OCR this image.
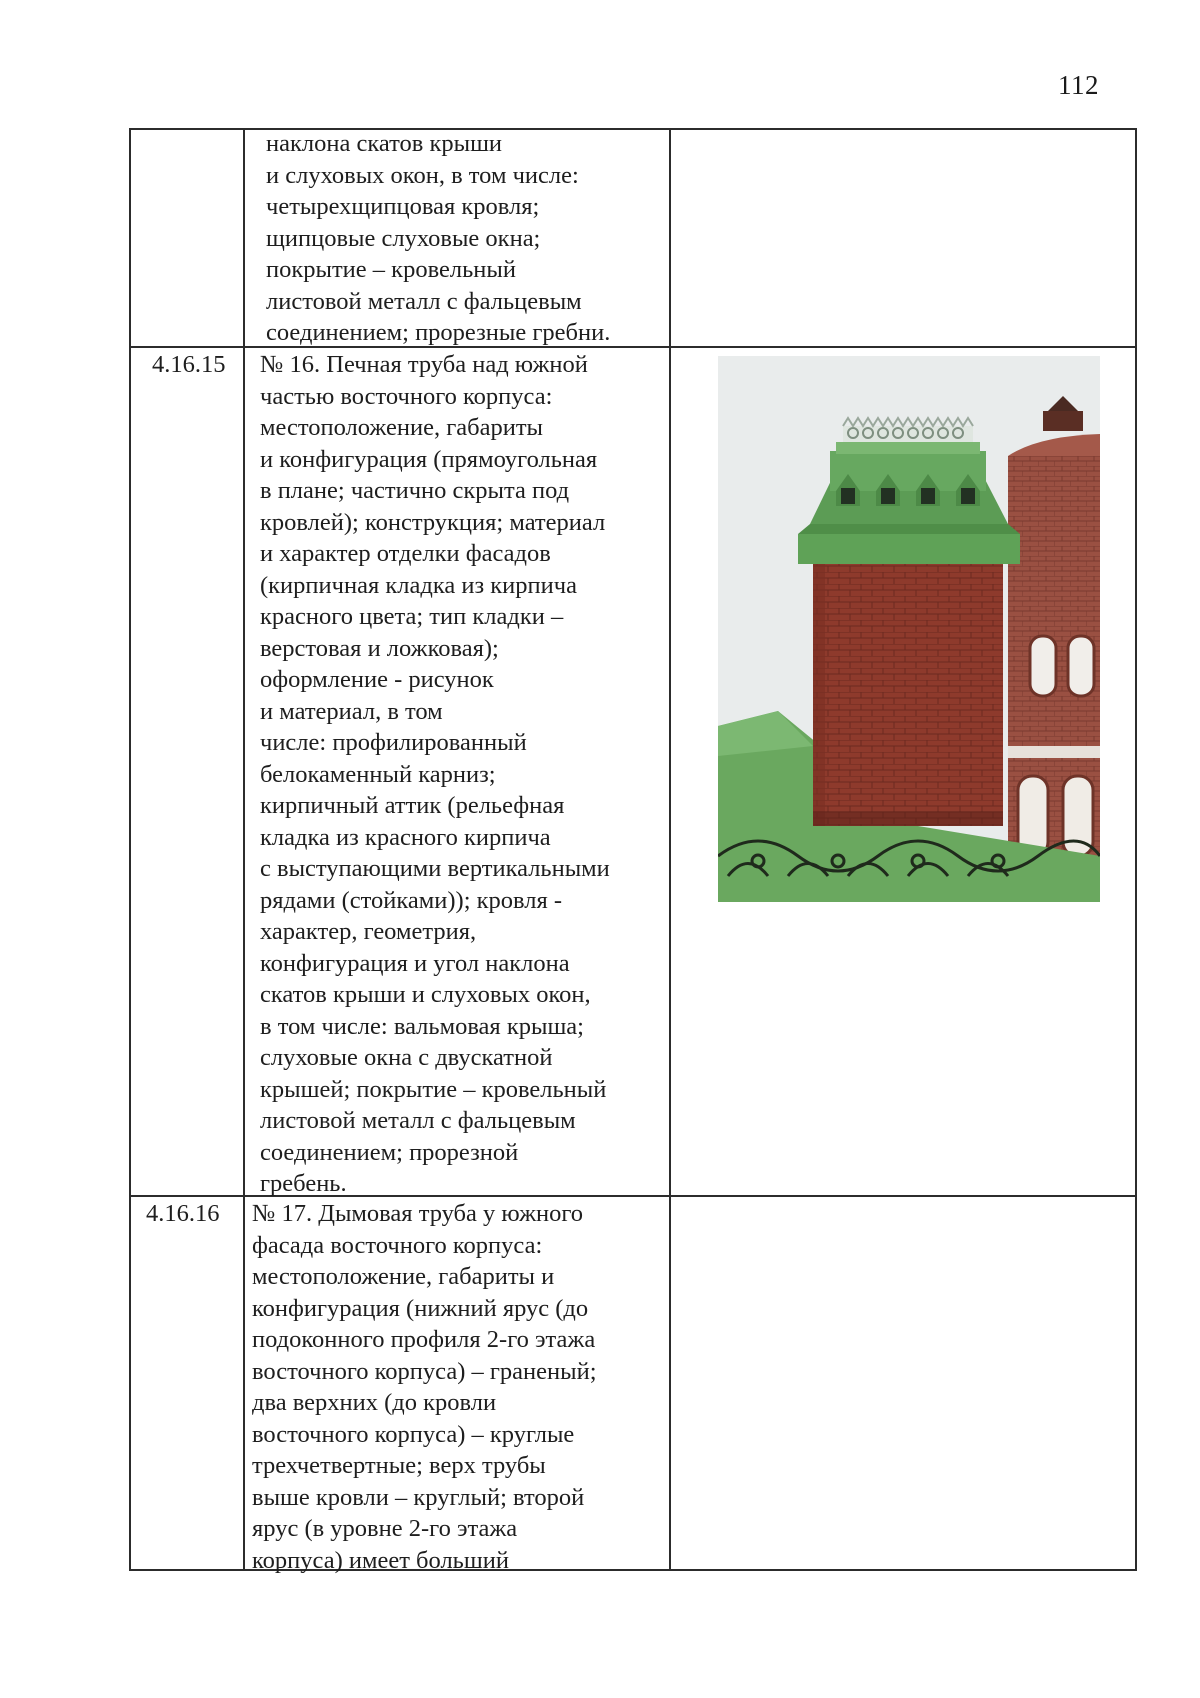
112
наклона скатов крыши
и слуховых окон, в том числе:
четырехщипцовая кровля;
щипцовые слуховые окна;
покрытие – кровельный
листовой металл с фальцевым
соединением; прорезные гребни.
4.16.15 № 16. Печная труба над южной
частью восточного корпуса:
местоположение, габариты
и конфигурация (прямоугольная
в плане; частично скрыта под
кровлей); конструкция; материал
и характер отделки фасадов
(кирпичная кладка из кирпича
красного цвета; тип кладки –
верстовая и ложковая);
оформление - рисунок
и материал, в том
числе: профилированный
белокаменный карниз;
кирпичный аттик (рельефная
кладка из красного кирпича
с выступающими вертикальными
рядами (стойками)); кровля -
характер, геометрия,
конфигурация и угол наклона
скатов крыши и слуховых окон,
в том числе: вальмовая крыша;
слуховые окна с двускатной
крышей; покрытие – кровельный
листовой металл с фальцевым
соединением; прорезной
гребень.
4.16.16 № 17. Дымовая труба у южного
фасада восточного корпуса:
местоположение, габариты и
конфигурация (нижний ярус (до
подоконного профиля 2-го этажа
восточного корпуса) – граненый;
два верхних (до кровли
восточного корпуса) – круглые
трехчетвертные; верх трубы
выше кровли – круглый; второй
ярус (в уровне 2-го этажа
корпуса) имеет больший
